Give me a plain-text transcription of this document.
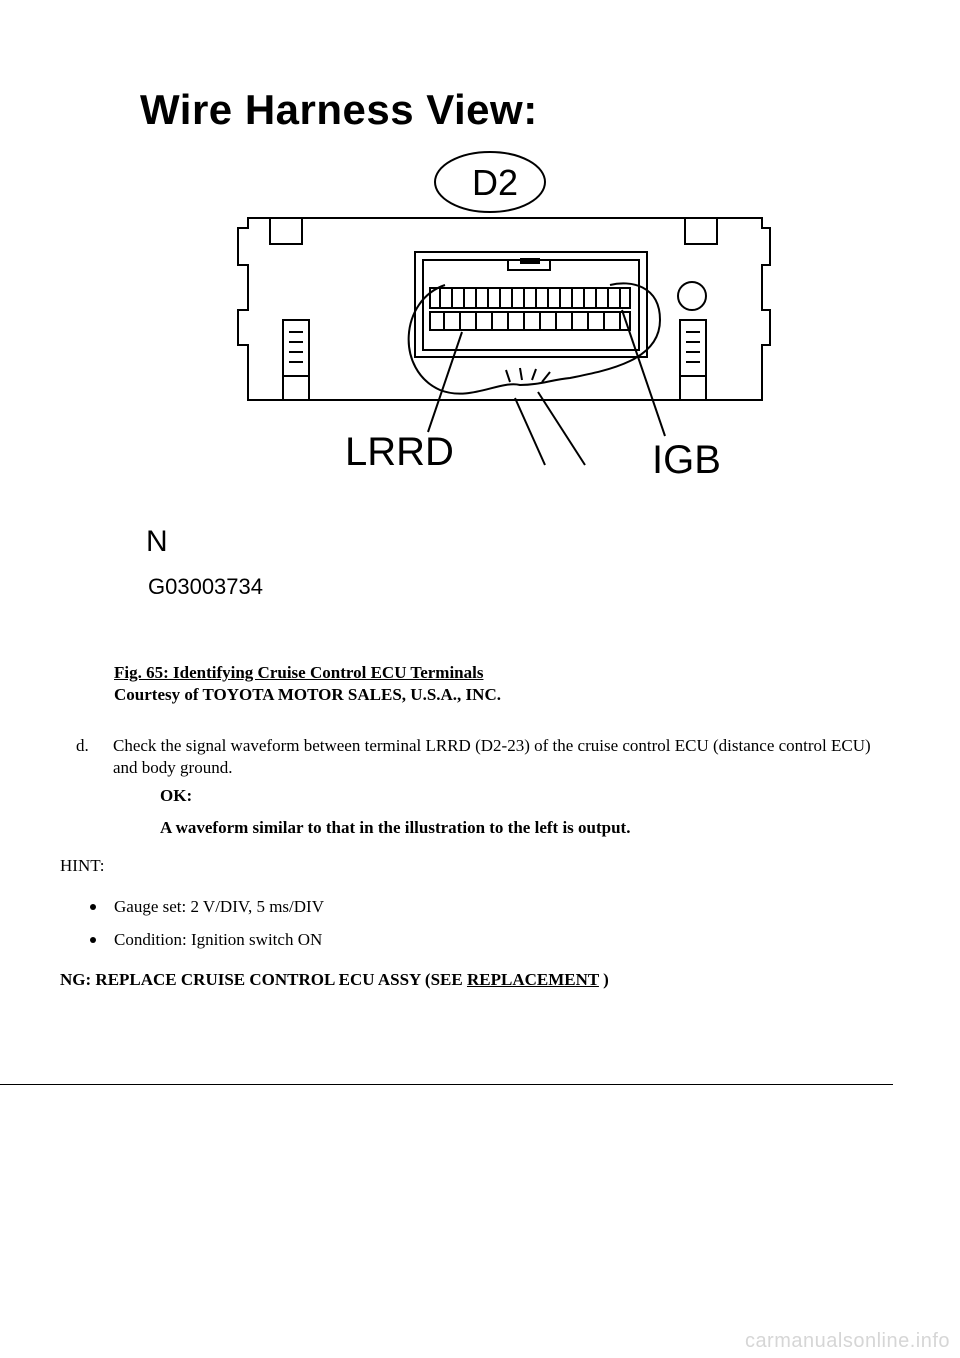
Wire Harness View:
D2
LRRD	IGB
N
G03003734
Fig. 65: Identifying Cruise Control ECU Terminals
Courtesy of TOYOTA MOTOR SALES, U.S.A., INC.
d. Check the signal waveform between terminal LRRD (D2-23) of the cruise control ECU (distance control ECU) and body ground.
OK:
A waveform similar to that in the illustration to the left is output.
HINT:
Gauge set: 2 V/DIV, 5 ms/DIV
Condition: Ignition switch ON
NG: REPLACE CRUISE CONTROL ECU ASSY (SEE REPLACEMENT )
carmanualsonline.info
